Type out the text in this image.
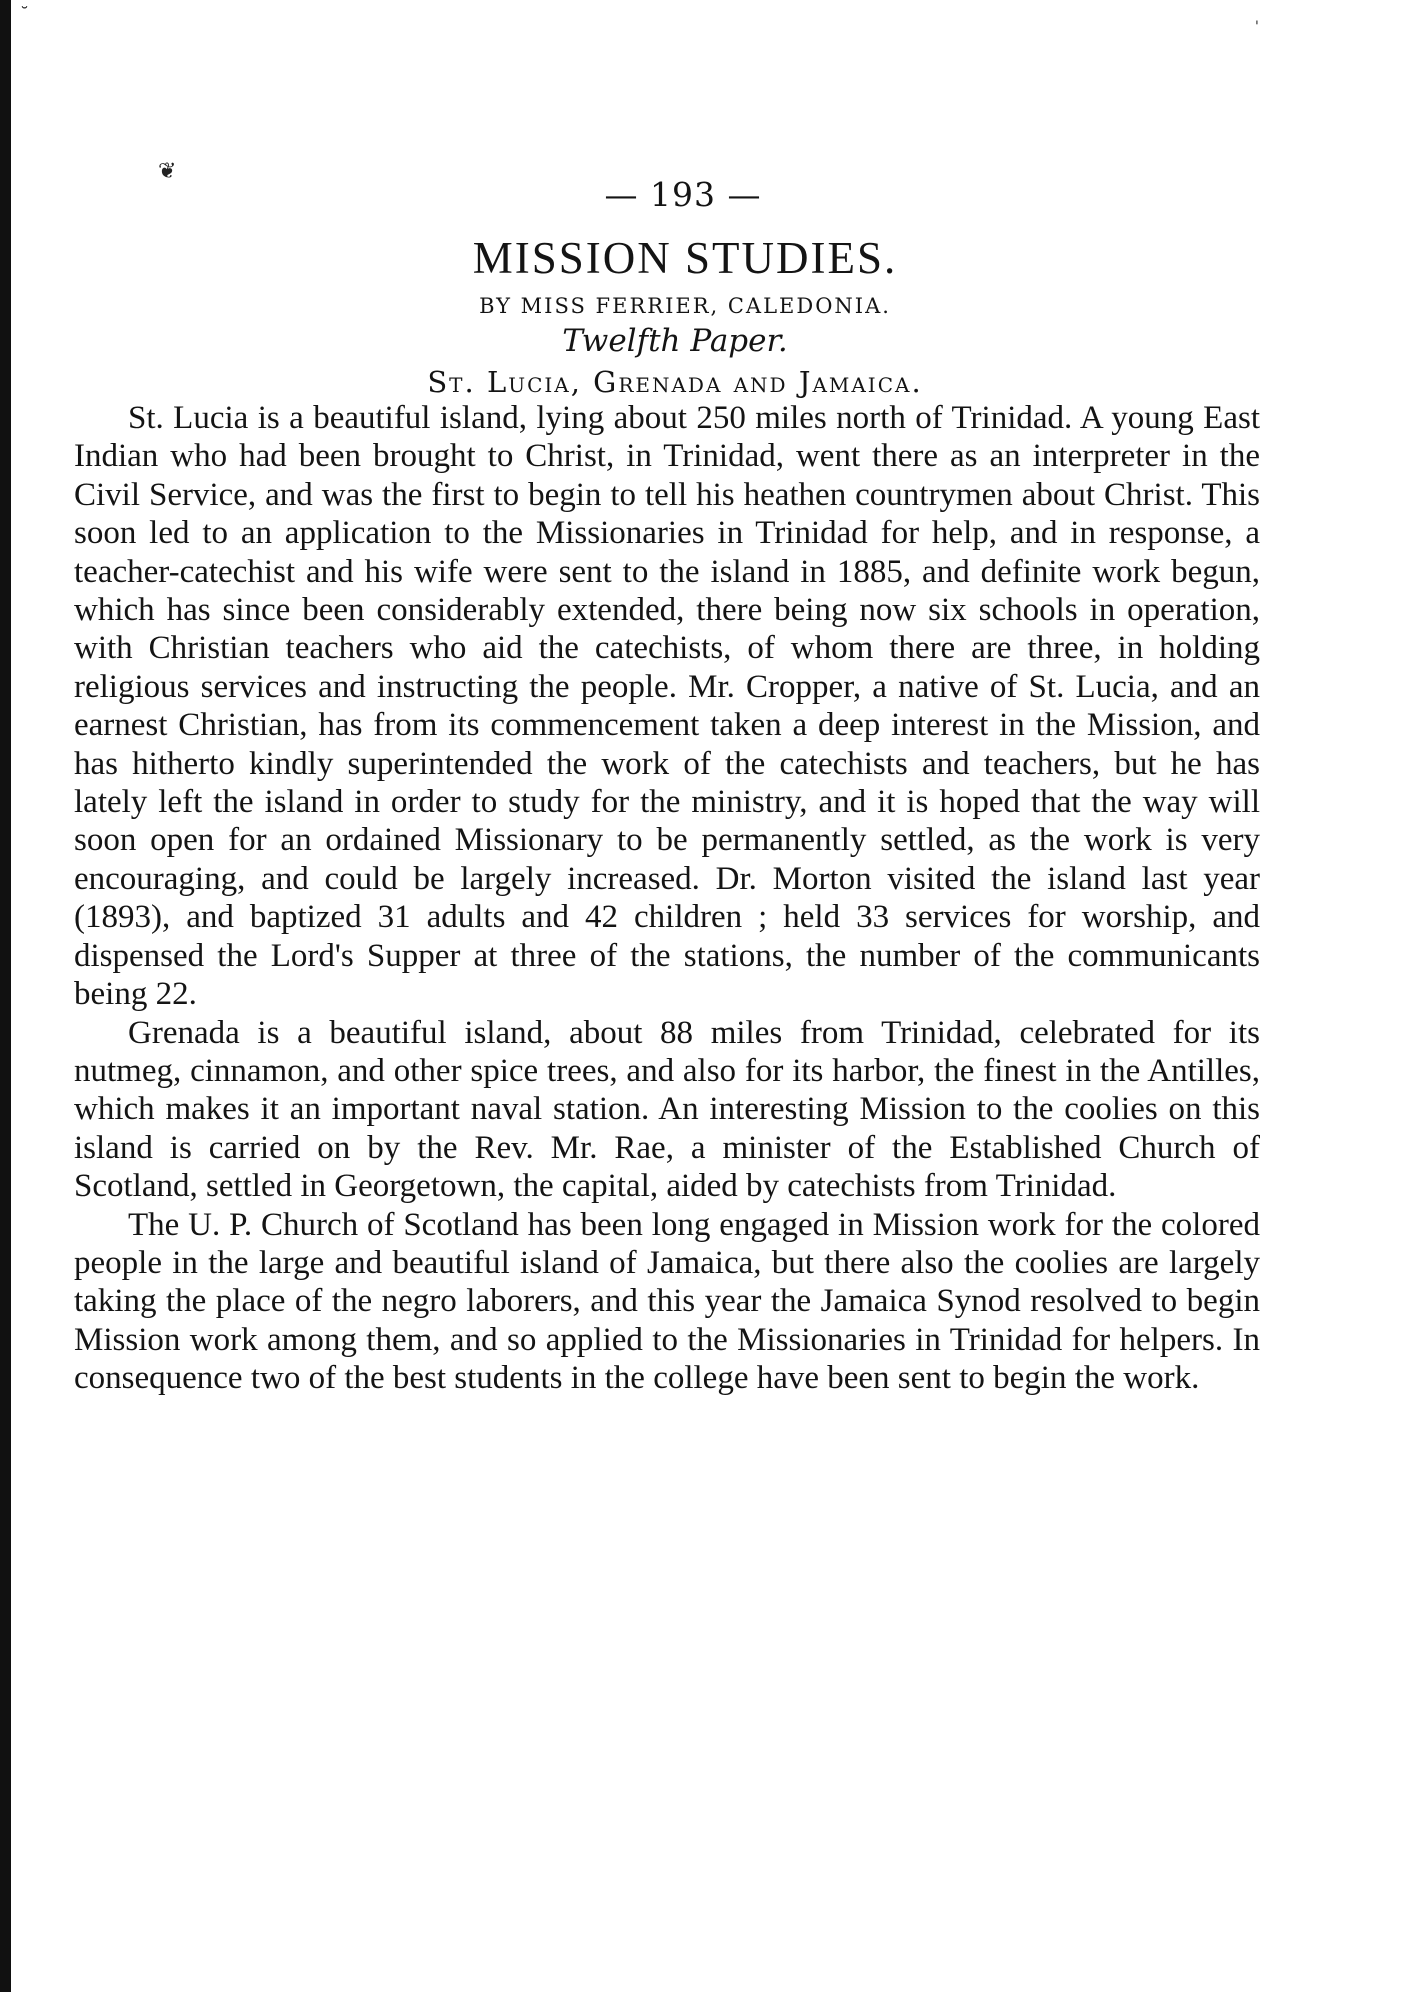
˘
'
❦
— 193 —
MISSION STUDIES.
BY MISS FERRIER, CALEDONIA.
Twelfth Paper.
St. Lucia, Grenada and Jamaica.

St. Lucia is a beautiful island, lying about 250 miles north of Trinidad. A young East Indian who had been brought to Christ, in Trinidad, went there as an interpreter in the Civil Service, and was the first to begin to tell his heathen countrymen about Christ. This soon led to an application to the Missionaries in Trinidad for help, and in response, a teacher-catechist and his wife were sent to the island in 1885, and definite work begun, which has since been considerably extended, there being now six schools in operation, with Christian teachers who aid the catechists, of whom there are three, in holding religious services and instructing the people. Mr. Cropper, a native of St. Lucia, and an earnest Christian, has from its commencement taken a deep interest in the Mission, and has hitherto kindly superintended the work of the catechists and teachers, but he has lately left the island in order to study for the ministry, and it is hoped that the way will soon open for an ordained Missionary to be permanently settled, as the work is very encouraging, and could be largely increased. Dr. Morton visited the island last year (1893), and baptized 31 adults and 42 children ; held 33 services for worship, and dispensed the Lord's Supper at three of the stations, the number of the communicants being 22.

Grenada is a beautiful island, about 88 miles from Trinidad, celebrated for its nutmeg, cinnamon, and other spice trees, and also for its harbor, the finest in the Antilles, which makes it an important naval station. An interesting Mission to the coolies on this island is carried on by the Rev. Mr. Rae, a minister of the Established Church of Scotland, settled in Georgetown, the capital, aided by catechists from Trinidad.

The U. P. Church of Scotland has been long engaged in Mission work for the colored people in the large and beautiful island of Jamaica, but there also the coolies are largely taking the place of the negro laborers, and this year the Jamaica Synod resolved to begin Mission work among them, and so applied to the Missionaries in Trinidad for helpers. In consequence two of the best students in the college have been sent to begin the work.
